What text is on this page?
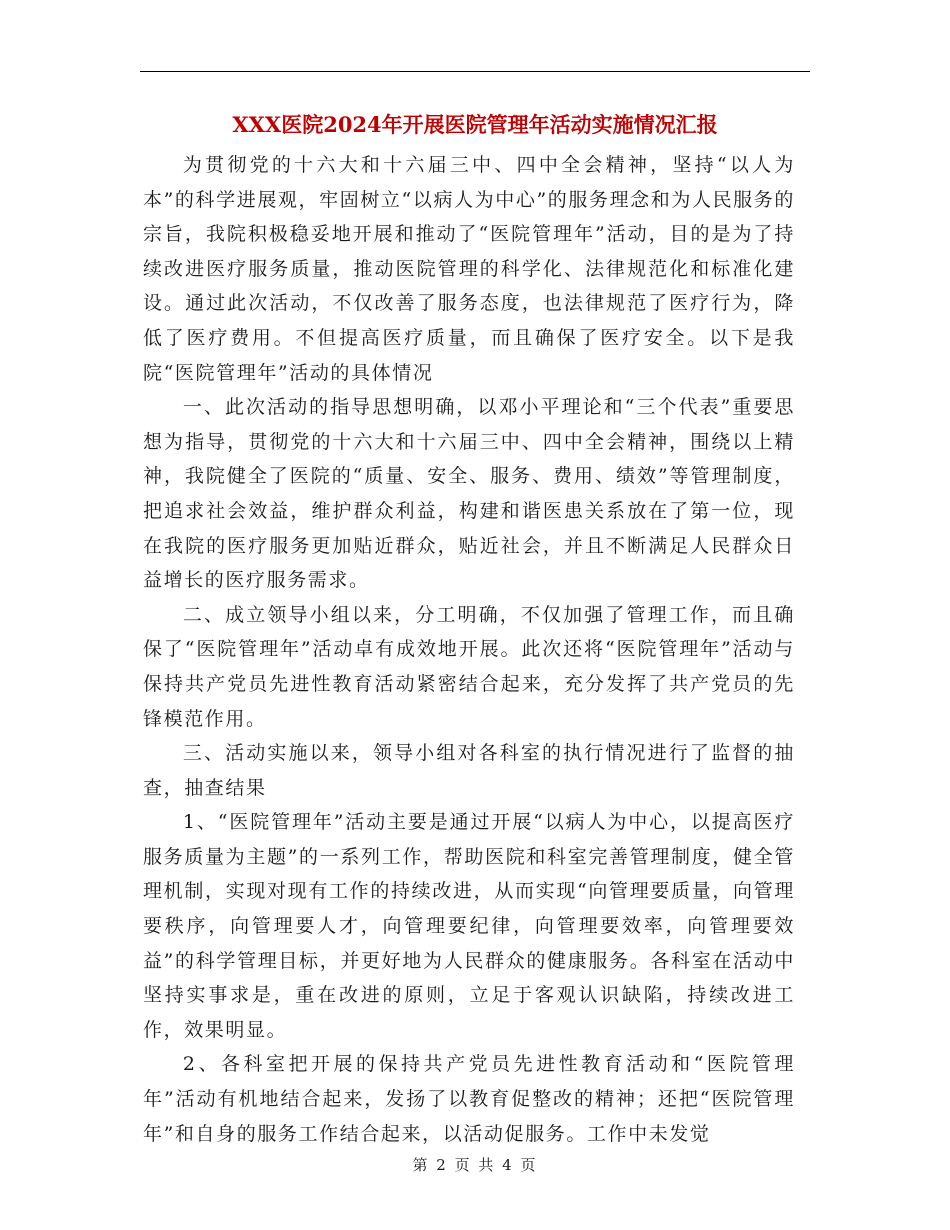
XXX医院2024年开展医院管理年活动实施情况汇报

为贯彻党的十六大和十六届三中、四中全会精神，坚持“以人为本”的科学进展观，牢固树立“以病人为中心”的服务理念和为人民服务的宗旨，我院积极稳妥地开展和推动了“医院管理年”活动，目的是为了持续改进医疗服务质量，推动医院管理的科学化、法律规范化和标准化建设。通过此次活动，不仅改善了服务态度，也法律规范了医疗行为，降低了医疗费用。不但提高医疗质量，而且确保了医疗安全。以下是我院“医院管理年”活动的具体情况

一、此次活动的指导思想明确，以邓小平理论和“三个代表”重要思想为指导，贯彻党的十六大和十六届三中、四中全会精神，围绕以上精神，我院健全了医院的“质量、安全、服务、费用、绩效”等管理制度，把追求社会效益，维护群众利益，构建和谐医患关系放在了第一位，现在我院的医疗服务更加贴近群众，贴近社会，并且不断满足人民群众日益增长的医疗服务需求。

二、成立领导小组以来，分工明确，不仅加强了管理工作，而且确保了“医院管理年”活动卓有成效地开展。此次还将“医院管理年”活动与保持共产党员先进性教育活动紧密结合起来，充分发挥了共产党员的先锋模范作用。

三、活动实施以来，领导小组对各科室的执行情况进行了监督的抽查，抽查结果

1、“医院管理年”活动主要是通过开展“以病人为中心，以提高医疗服务质量为主题”的一系列工作，帮助医院和科室完善管理制度，健全管理机制，实现对现有工作的持续改进，从而实现“向管理要质量，向管理要秩序，向管理要人才，向管理要纪律，向管理要效率，向管理要效益”的科学管理目标，并更好地为人民群众的健康服务。各科室在活动中坚持实事求是，重在改进的原则，立足于客观认识缺陷，持续改进工作，效果明显。

2、各科室把开展的保持共产党员先进性教育活动和“医院管理年”活动有机地结合起来，发扬了以教育促整改的精神；还把“医院管理年”和自身的服务工作结合起来，以活动促服务。工作中未发觉

第 2 页 共 4 页
